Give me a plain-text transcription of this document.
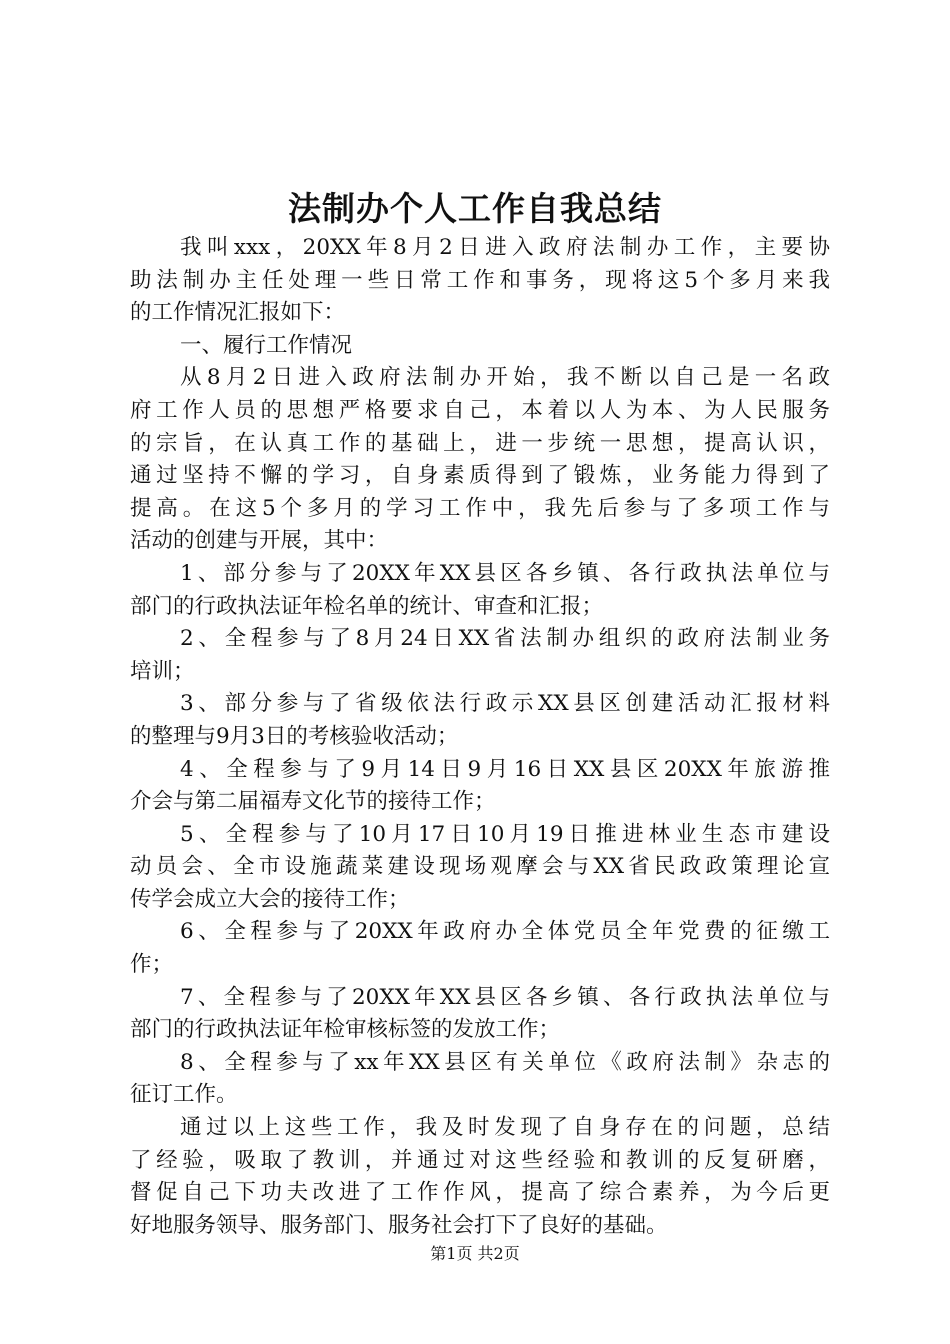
法制办个人工作自我总结
我叫xxx，20XX年8月2日进入政府法制办工作，主要协
助法制办主任处理一些日常工作和事务，现将这5个多月来我
的工作情况汇报如下：
一、履行工作情况
从8月2日进入政府法制办开始，我不断以自己是一名政
府工作人员的思想严格要求自己，本着以人为本、为人民服务
的宗旨，在认真工作的基础上，进一步统一思想，提高认识，
通过坚持不懈的学习，自身素质得到了锻炼，业务能力得到了
提高。在这5个多月的学习工作中，我先后参与了多项工作与
活动的创建与开展，其中：
1、部分参与了20XX年XX县区各乡镇、各行政执法单位与
部门的行政执法证年检名单的统计、审查和汇报；
2、全程参与了8月24日XX省法制办组织的政府法制业务
培训；
3、部分参与了省级依法行政示XX县区创建活动汇报材料
的整理与9月3日的考核验收活动；
4、全程参与了9月14日9月16日XX县区20XX年旅游推
介会与第二届福寿文化节的接待工作；
5、全程参与了10月17日10月19日推进林业生态市建设
动员会、全市设施蔬菜建设现场观摩会与XX省民政政策理论宣
传学会成立大会的接待工作；
6、全程参与了20XX年政府办全体党员全年党费的征缴工
作；
7、全程参与了20XX年XX县区各乡镇、各行政执法单位与
部门的行政执法证年检审核标签的发放工作；
8、全程参与了xx年XX县区有关单位《政府法制》杂志的
征订工作。
通过以上这些工作，我及时发现了自身存在的问题，总结
了经验，吸取了教训，并通过对这些经验和教训的反复研磨，
督促自己下功夫改进了工作作风，提高了综合素养，为今后更
好地服务领导、服务部门、服务社会打下了良好的基础。
第1页 共2页
